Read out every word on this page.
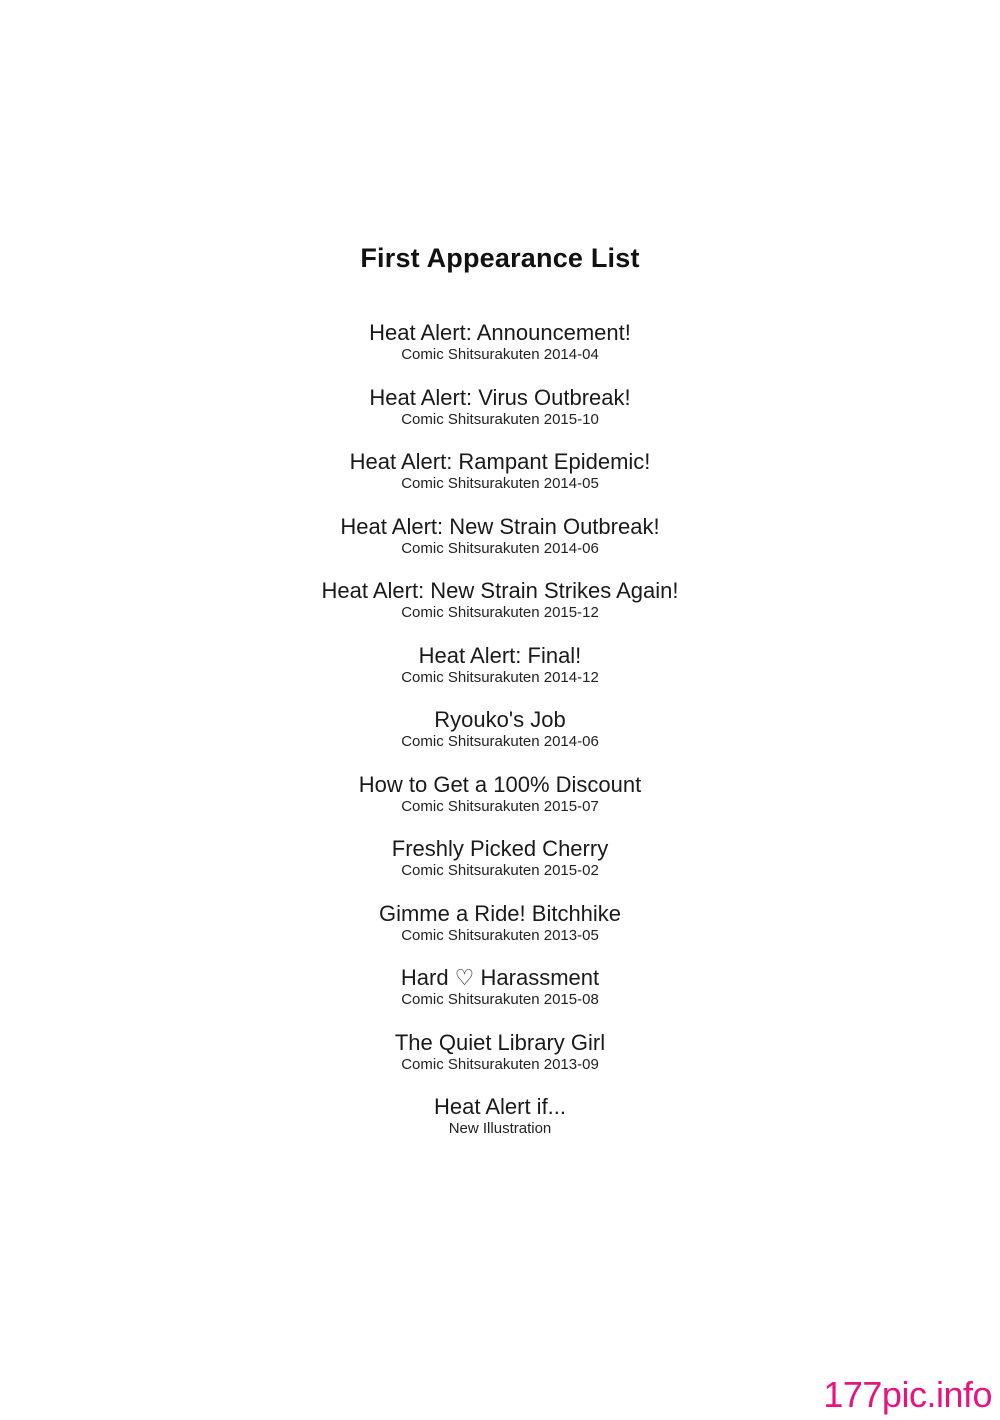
First Appearance List
Heat Alert: Announcement!
Comic Shitsurakuten 2014-04
Heat Alert: Virus Outbreak!
Comic Shitsurakuten 2015-10
Heat Alert: Rampant Epidemic!
Comic Shitsurakuten 2014-05
Heat Alert: New Strain Outbreak!
Comic Shitsurakuten 2014-06
Heat Alert: New Strain Strikes Again!
Comic Shitsurakuten 2015-12
Heat Alert: Final!
Comic Shitsurakuten 2014-12
Ryouko's Job
Comic Shitsurakuten 2014-06
How to Get a 100% Discount
Comic Shitsurakuten 2015-07
Freshly Picked Cherry
Comic Shitsurakuten 2015-02
Gimme a Ride! Bitchhike
Comic Shitsurakuten 2013-05
Hard ♡ Harassment
Comic Shitsurakuten 2015-08
The Quiet Library Girl
Comic Shitsurakuten 2013-09
Heat Alert if...
New Illustration
177pic.info
